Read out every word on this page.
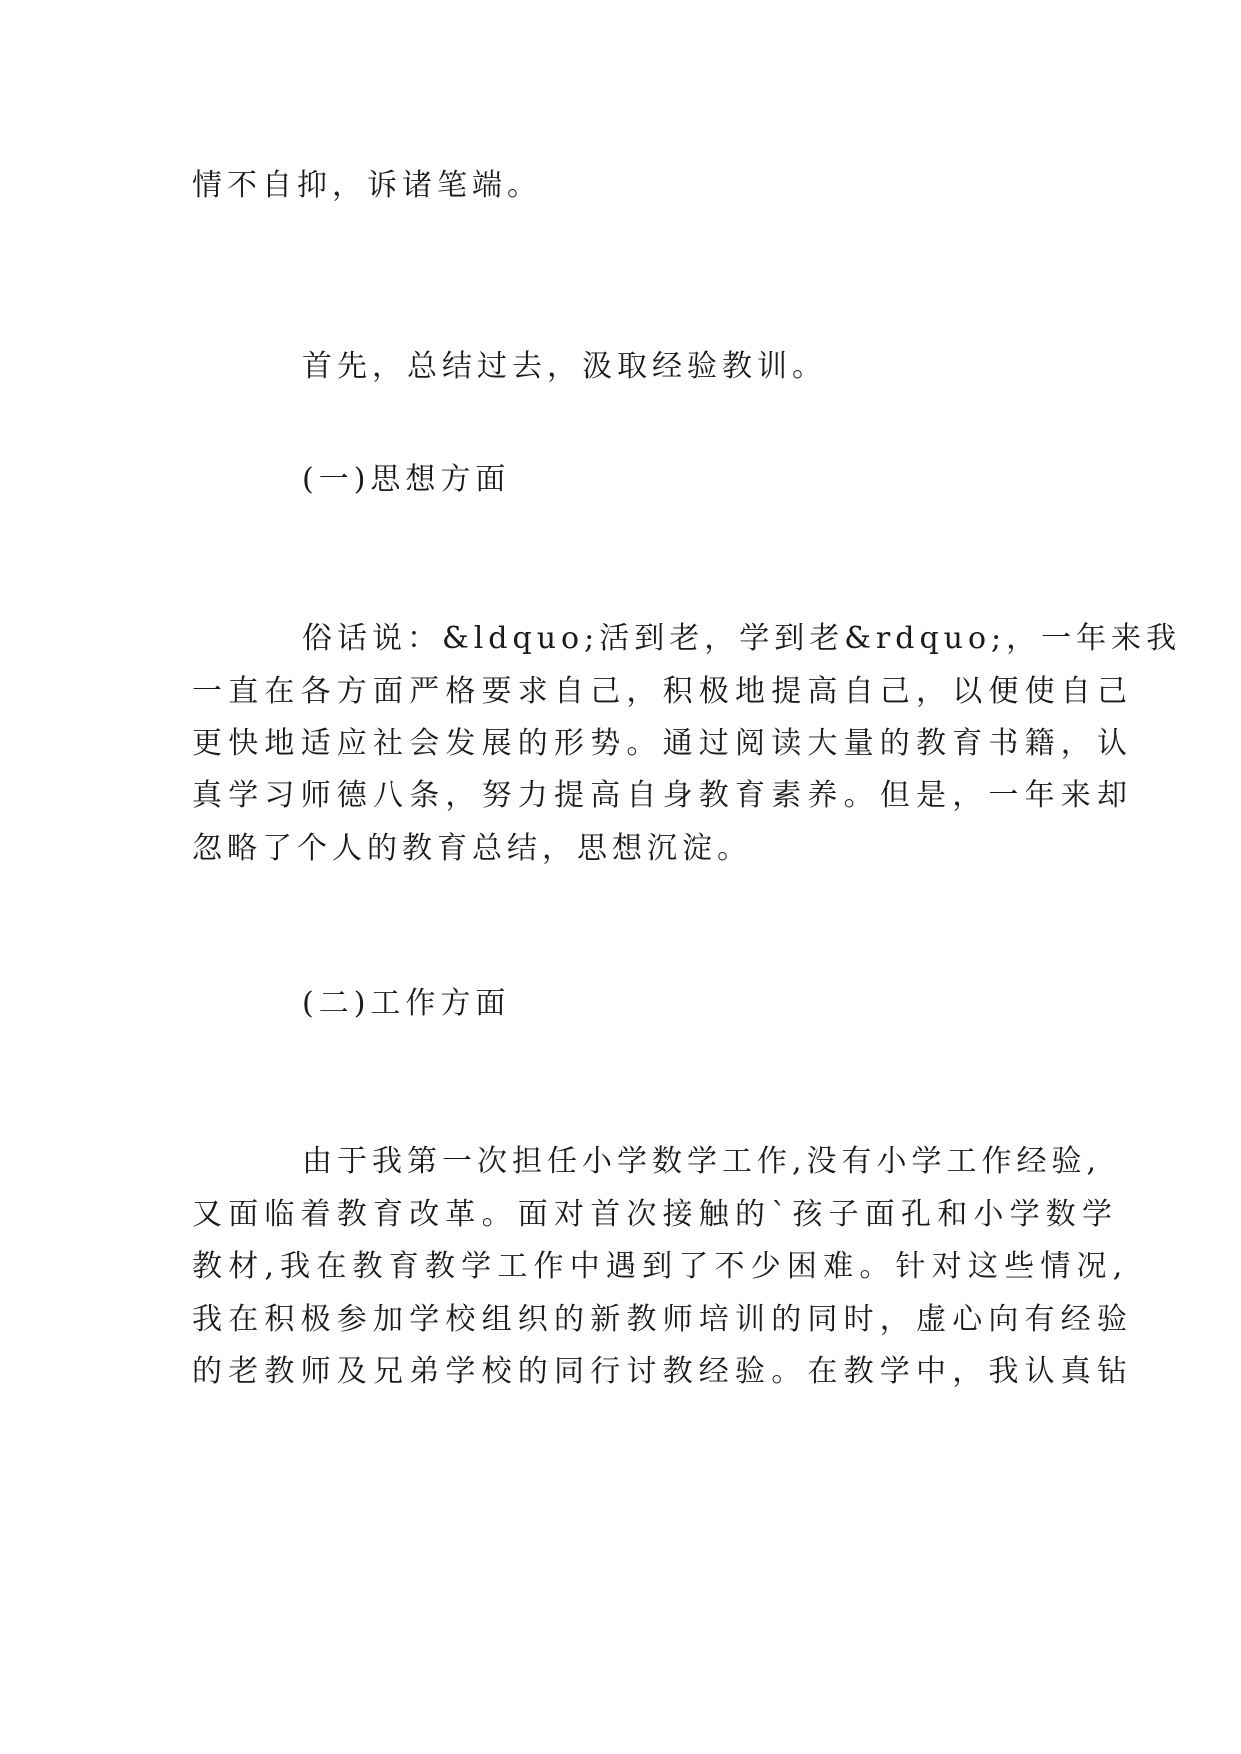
情不自抑，诉诸笔端。
首先，总结过去，汲取经验教训。
(一)思想方面
俗话说：&ldquo;活到老，学到老&rdquo;，一年来我
一直在各方面严格要求自己，积极地提高自己，以便使自己
更快地适应社会发展的形势。通过阅读大量的教育书籍，认
真学习师德八条，努力提高自身教育素养。但是，一年来却
忽略了个人的教育总结，思想沉淀。
(二)工作方面
由于我第一次担任小学数学工作,没有小学工作经验,
又面临着教育改革。面对首次接触的`孩子面孔和小学数学
教材,我在教育教学工作中遇到了不少困难。针对这些情况,
我在积极参加学校组织的新教师培训的同时，虚心向有经验
的老教师及兄弟学校的同行讨教经验。在教学中，我认真钻
